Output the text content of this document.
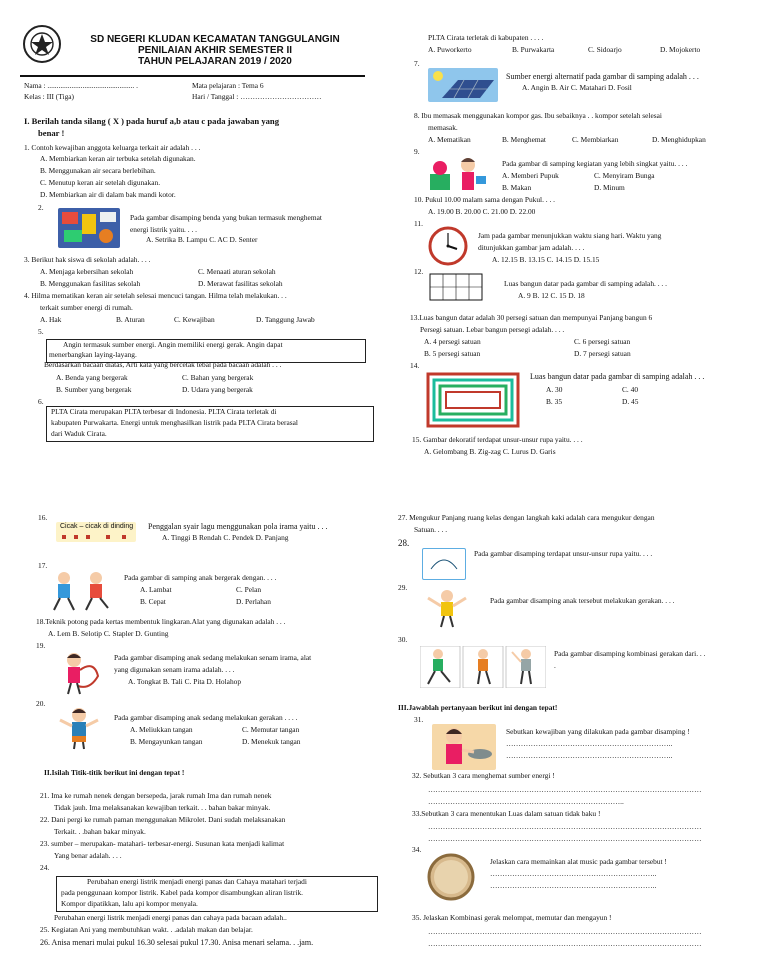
SD NEGERI KLUDAN KECAMATAN TANGGULANGIN
PENILAIAN AKHIR SEMESTER II
TAHUN PELAJARAN 2019 / 2020
Nama : ............................................... .
Kelas : III (Tiga)
Mata pelajaran : Tema 6
Hari / Tanggal : ……………………………
I. Berilah tanda silang ( X ) pada huruf a,b atau c pada jawaban yang
benar !
1. Contoh kewajiban anggota keluarga terkait air adalah . . .
A. Membiarkan keran air terbuka setelah digunakan.
B. Menggunakan air secara berlebihan.
C. Menutup keran air setelah digunakan.
D. Membiarkan air di dalam bak mandi kotor.
2.
Pada gambar disamping benda yang bukan termasuk menghemat
energi listrik yaitu. . . .
A. Setrika B. Lampu C. AC D. Senter
3. Berikut hak siswa di sekolah adalah. . . .
A. Menjaga kebersihan sekolah	C. Menaati aturan sekolah
B. Menggunakan fasilitas sekolah	D. Merawat fasilitas sekolah
4. Hilma mematikan keran air setelah selesai mencuci tangan. Hilma telah melakukan. . .
terkait sumber energi di rumah.
A. Hak	B. Aturan	C. Kewajiban	D. Tanggung Jawab
5.
Angin termasuk sumber energi. Angin memiliki energi gerak. Angin dapat
menerbangkan laying-layang.
Berdasarkan bacaan diatas, Arti kata yang bercetak tebal pada bacaan adalah . . .
A. Benda yang bergerak	C. Bahan yang bergerak
B. Sumber yang bergerak	D. Udara yang bergerak
6.
PLTA Cirata merupakan PLTA terbesar di Indonesia. PLTA Cirata terletak di
kabupaten Purwakarta. Energi untuk menghasilkan listrik pada PLTA Cirata berasal
dari Waduk Cirata.
PLTA Cirata terletak di kabupaten . . . .
A. Puworkerto	B. Purwakarta	C. Sidoarjo	D. Mojokerto
7.
Sumber energi alternatif pada gambar di samping adalah . . .
A. Angin B. Air C. Matahari D. Fosil
8. Ibu memasak menggunakan kompor gas. Ibu sebaiknya . . kompor setelah selesai
memasak.
A. Mematikan	B. Menghemat	C. Membiarkan	D. Menghidupkan
9.
Pada gambar di samping kegiatan yang lebih singkat yaitu. . . .
A. Memberi Pupuk	C. Menyiram Bunga
B. Makan	D. Minum
10. Pukul 10.00 malam sama dengan Pukul. . . .
A. 19.00 B. 20.00 C. 21.00 D. 22.00
11.
Jam pada gambar menunjukkan waktu siang hari. Waktu yang
ditunjukkan gambar jam adalah. . . .
A. 12.15 B. 13.15 C. 14.15 D. 15.15
12.
Luas bangun datar pada gambar di samping adalah. . . .
A. 9 B. 12 C. 15 D. 18
13.Luas bangun datar adalah 30 persegi satuan dan mempunyai Panjang bangun 6
Persegi satuan. Lebar bangun persegi adalah. . . .
A. 4 persegi satuan	C. 6 persegi satuan
B. 5 persegi satuan	D. 7 persegi satuan
14.
Luas bangun datar pada gambar di samping adalah . . .
A. 30	C. 40
B. 35	D. 45
15. Gambar dekoratif terdapat unsur-unsur rupa yaitu. . . .
A. Gelombang B. Zig-zag C. Lurus D. Garis
16.
Cicak – cicak di dinding Penggalan syair lagu menggunakan pola irama yaitu . . .
A. Tinggi B Rendah C. Pendek D. Panjang
17.
Pada gambar di samping anak bergerak dengan. . . .
A. Lambat	C. Pelan
B. Cepat	D. Perlahan
18.Teknik potong pada kertas membentuk lingkaran.Alat yang digunakan adalah . . .
A. Lem B. Selotip C. Stapler D. Gunting
19.
Pada gambar disamping anak sedang melakukan senam irama, alat
yang digunakan senam irama adalah. . . .
A. Tongkat B. Tali C. Pita D. Holahop
20.
Pada gambar disamping anak sedang melakukan gerakan . . . .
A. Meliukkan tangan	C. Memutar tangan
B. Mengayunkan tangan	D. Menekuk tangan
II.Isilah Titik-titik berikut ini dengan tepat !
21. Ima ke rumah nenek dengan bersepeda, jarak rumah Ima dan rumah nenek
Tidak jauh. Ima melaksanakan kewajiban terkait. . . bahan bakar minyak.
22. Dani pergi ke rumah paman menggunakan Mikrolet. Dani sudah melaksanakan
Terkait. . .bahan bakar minyak.
23. sumber – merupakan- matahari- terbesar-energi. Susunan kata menjadi kalimat
Yang benar adalah. . . .
24.
Perubahan energi listrik menjadi energi panas dan Cahaya matahari terjadi
pada penggunaan kompor listrik. Kabel pada kompor disambungkan aliran listrik.
Kompor dipatikkan, lalu api kompor menyala.
Perubahan energi listrik menjadi energi panas dan cahaya pada bacaan adalah..
25. Kegiatan Ani yang membutuhkan wakt. . .adalah makan dan belajar.
26. Anisa menari mulai pukul 16.30 selesai pukul 17.30. Anisa menari selama. . .jam.
27. Mengukur Panjang ruang kelas dengan langkah kaki adalah cara mengukur dengan
Satuan. . . .
28.
Pada gambar disamping terdapat unsur-unsur rupa yaitu. . . .
29.
Pada gambar disamping anak tersebut melakukan gerakan. . . .
30.
Pada gambar disamping kombinasi gerakan dari. . .
.
III.Jawablah pertanyaan berikut ini dengan tepat!
31.
Sebutkan kewajiban yang dilakukan pada gambar disamping !
…………………………………………………………..
…………………………………………………………..
32. Sebutkan 3 cara menghemat sumber energi !
…………………………………………………………………………………………………
……………………………………………………………………..
33.Sebutkan 3 cara menentukan Luas dalam satuan tidak baku !
…………………………………………………………………………………………………
…………………………………………………………………………………………………
34.
Jelaskan cara memainkan alat music pada gambar tersebut !
…………………………………………………………..
…………………………………………………………..
35. Jelaskan Kombinasi gerak melompat, memutar dan mengayun !
…………………………………………………………………………………………………
…………………………………………………………………………………………………
